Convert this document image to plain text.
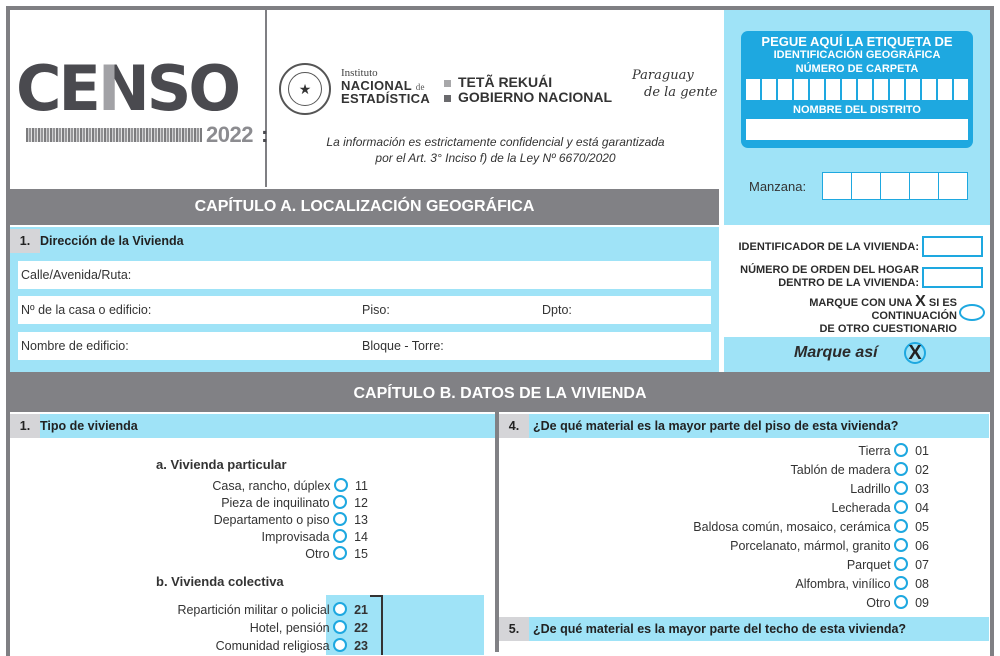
CENSO
2022 :
★
Instituto
NACIONAL de
ESTADÍSTICA
TETÃ REKUÁI
GOBIERNO NACIONAL
Paraguay
de la gente
La información es estrictamente confidencial y está garantizada
por el Art. 3° Inciso f) de la Ley Nº 6670/2020
PEGUE AQUÍ LA ETIQUETA DE
IDENTIFICACIÓN GEOGRÁFICA
NÚMERO DE CARPETA
NOMBRE DEL DISTRITO
Manzana:
IDENTIFICADOR DE LA VIVIENDA:
NÚMERO DE ORDEN DEL HOGAR
DENTRO DE LA VIVIENDA:
MARQUE CON UNA X SI ES CONTINUACIÓN
DE OTRO CUESTIONARIO
Marque así X
CAPÍTULO A. LOCALIZACIÓN GEOGRÁFICA
1. Dirección de la Vivienda
Calle/Avenida/Ruta:
Nº de la casa o edificio:	Piso:	Dpto:
Nombre de edificio:	Bloque - Torre:
CAPÍTULO B. DATOS DE LA VIVIENDA
1. Tipo de vivienda
a. Vivienda particular
Casa, rancho, dúplex 11
Pieza de inquilinato 12
Departamento o piso 13
Improvisada 14
Otro 15
b. Vivienda colectiva
Repartición militar o policial 21
Hotel, pensión 22
Comunidad religiosa 23
4.	¿De qué material es la mayor parte del piso de esta vivienda?
Tierra 01
Tablón de madera 02
Ladrillo 03
Lecherada 04
Baldosa común, mosaico, cerámica 05
Porcelanato, mármol, granito 06
Parquet 07
Alfombra, vinílico 08
Otro 09
5.	¿De qué material es la mayor parte del techo de esta vivienda?
